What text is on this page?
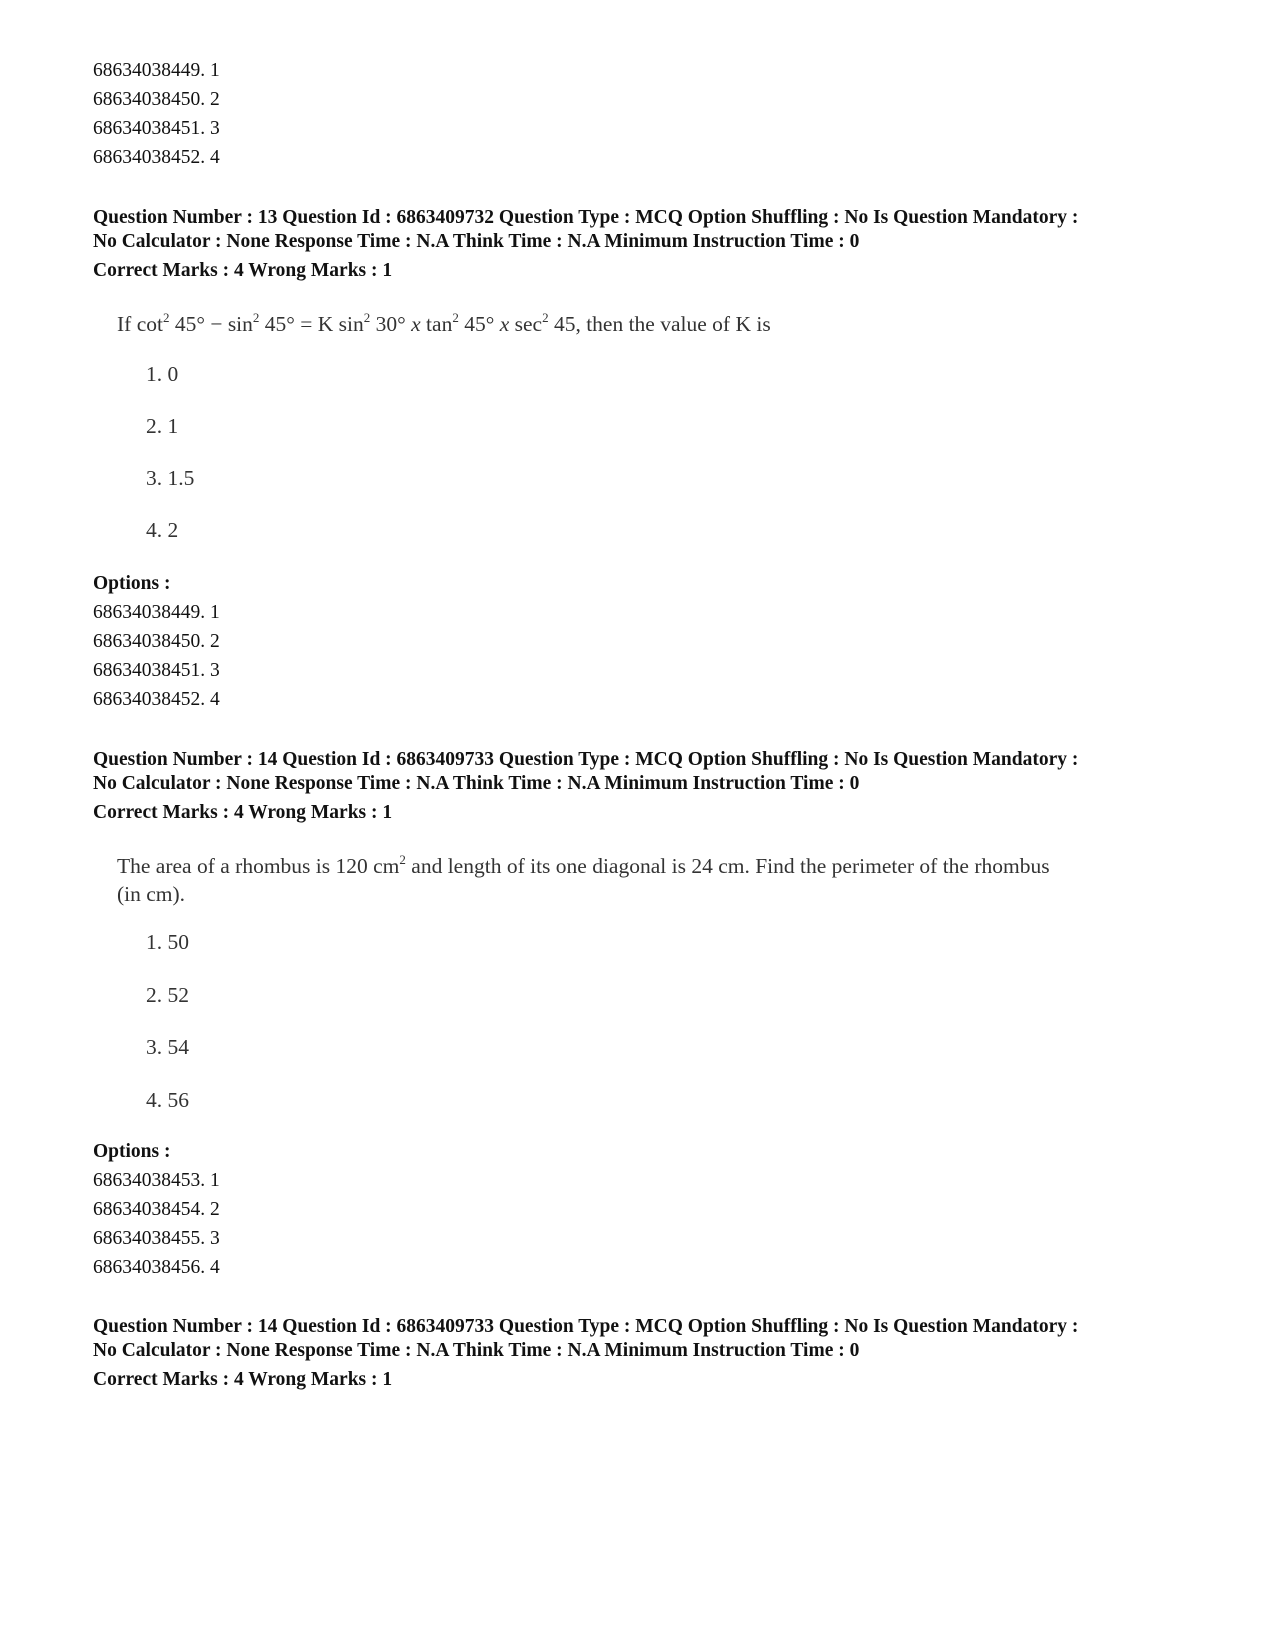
68634038449. 1
68634038450. 2
68634038451. 3
68634038452. 4
Question Number : 13 Question Id : 6863409732 Question Type : MCQ Option Shuffling : No Is Question Mandatory :
No Calculator : None Response Time : N.A Think Time : N.A Minimum Instruction Time : 0
Correct Marks : 4 Wrong Marks : 1
If $\cot^2 45^\circ - \sin^2 45^\circ = K$ $\sin^2 30^\circ$ x $\tan^2 45^\circ$ x $\sec^2 45$, then the value of K is
1. 0
2. 1
3. 1.5
4. 2
Options :
68634038449. 1
68634038450. 2
68634038451. 3
68634038452. 4
Question Number : 14 Question Id : 6863409733 Question Type : MCQ Option Shuffling : No Is Question Mandatory :
No Calculator : None Response Time : N.A Think Time : N.A Minimum Instruction Time : 0
Correct Marks : 4 Wrong Marks : 1
The area of a rhombus is 120 $cm^2$ and length of its one diagonal is 24 cm. Find the perimeter of the rhombus
(in cm).
1. 50
2. 52
3. 54
4. 56
Options :
68634038453. 1
68634038454. 2
68634038455. 3
68634038456. 4
Question Number : 14 Question Id : 6863409733 Question Type : MCQ Option Shuffling : No Is Question Mandatory :
No Calculator : None Response Time : N.A Think Time : N.A Minimum Instruction Time : 0
Correct Marks : 4 Wrong Marks : 1
